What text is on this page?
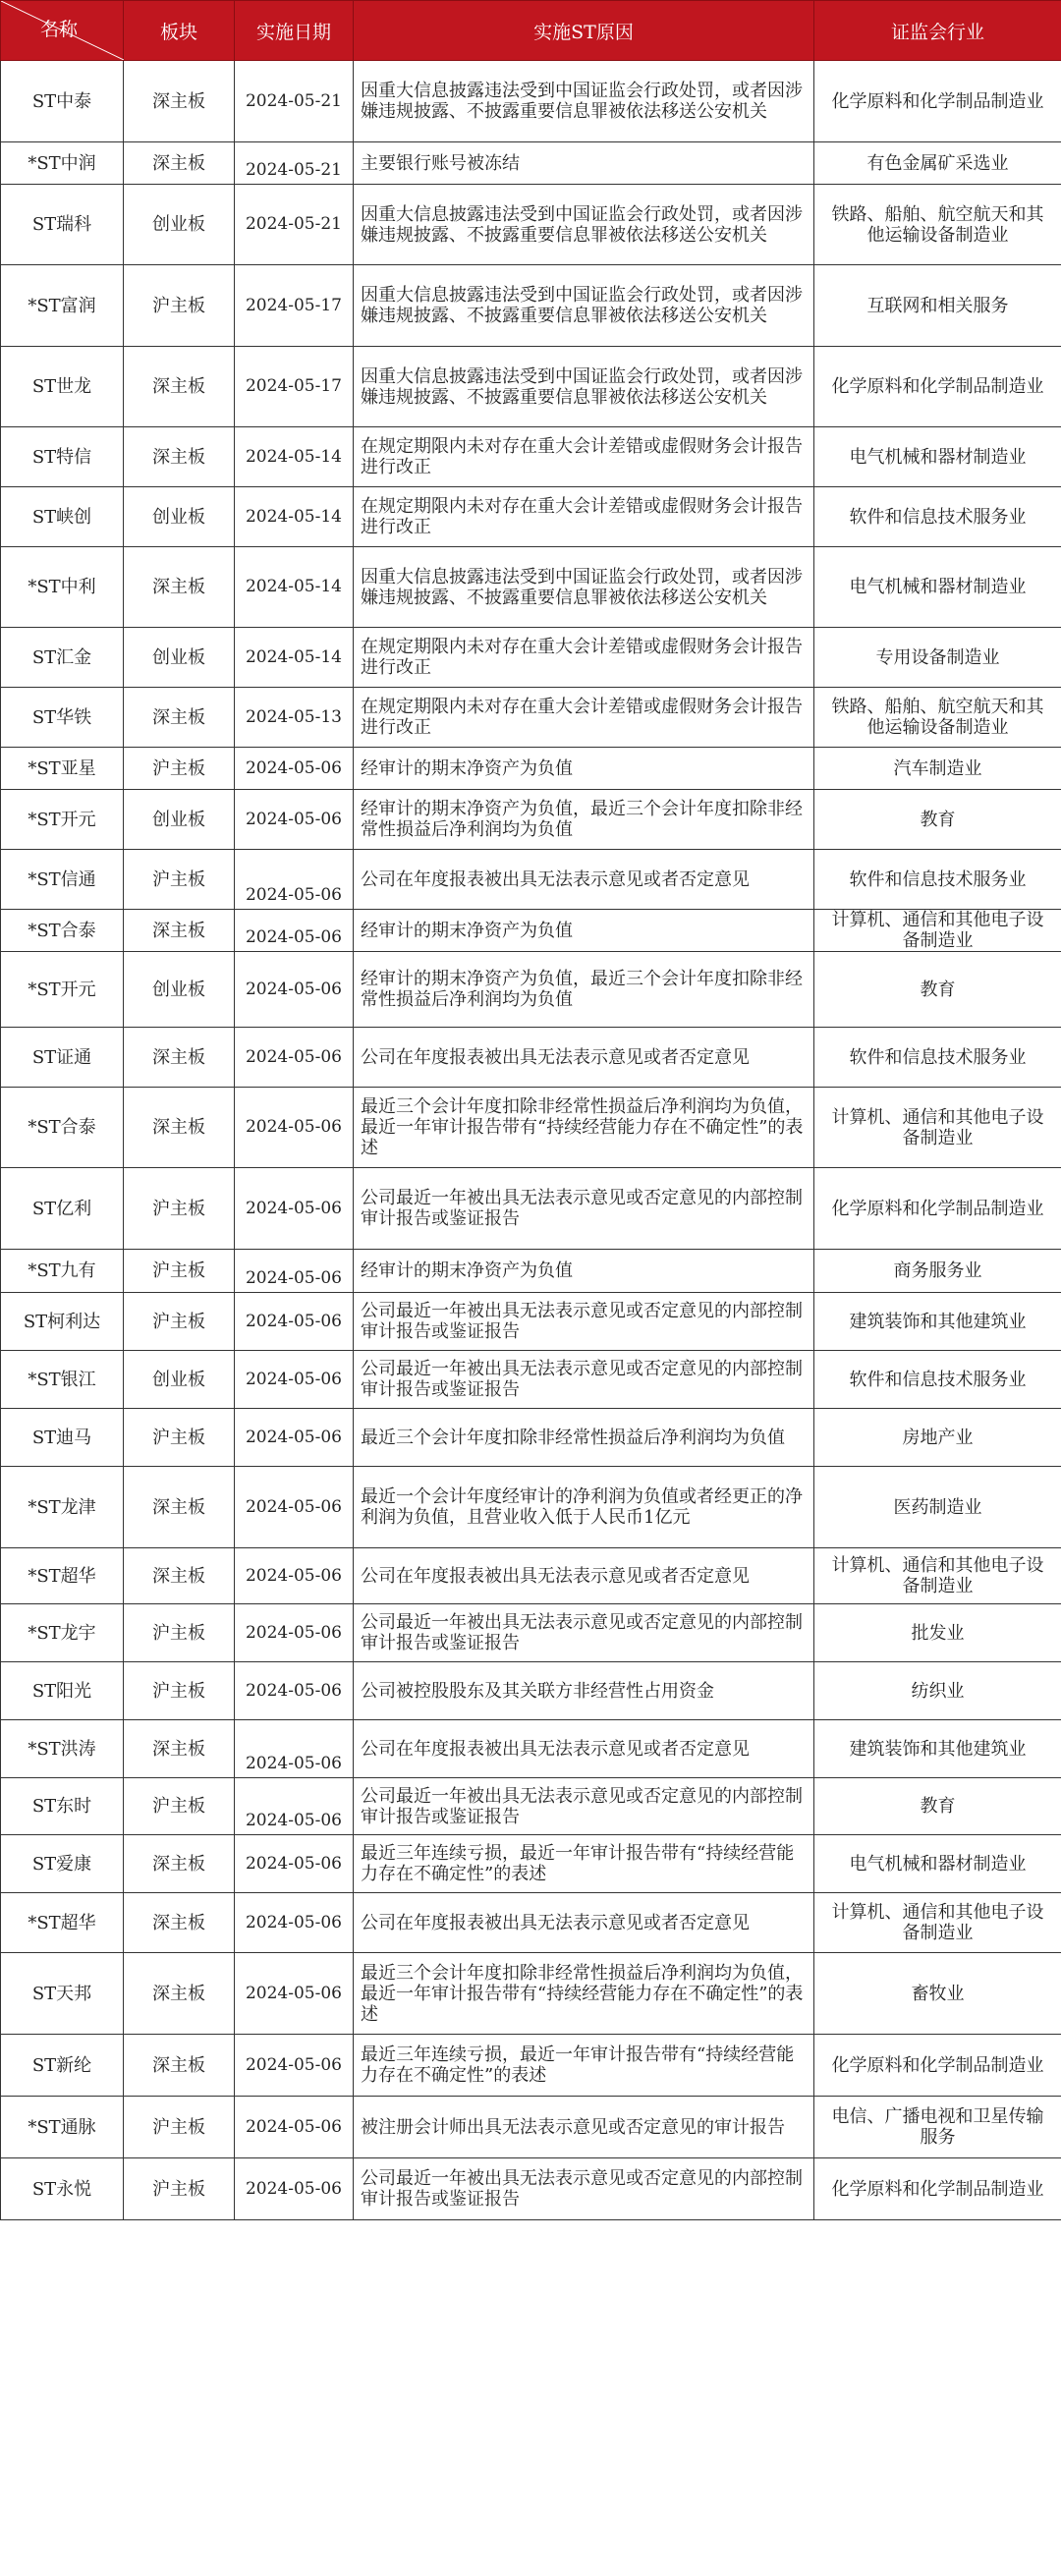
名称	板块	实施日期	实施ST原因	证监会行业
ST中泰	深主板	2024-05-21	因重大信息披露违法受到中国证监会行政处罚，或者因涉嫌违规披露、不披露重要信息罪被依法移送公安机关	化学原料和化学制品制造业
*ST中润	深主板	2024-05-21	主要银行账号被冻结	有色金属矿采选业
ST瑞科	创业板	2024-05-21	因重大信息披露违法受到中国证监会行政处罚，或者因涉嫌违规披露、不披露重要信息罪被依法移送公安机关	铁路、船舶、航空航天和其他运输设备制造业
*ST富润	沪主板	2024-05-17	因重大信息披露违法受到中国证监会行政处罚，或者因涉嫌违规披露、不披露重要信息罪被依法移送公安机关	互联网和相关服务
ST世龙	深主板	2024-05-17	因重大信息披露违法受到中国证监会行政处罚，或者因涉嫌违规披露、不披露重要信息罪被依法移送公安机关	化学原料和化学制品制造业
ST特信	深主板	2024-05-14	在规定期限内未对存在重大会计差错或虚假财务会计报告进行改正	电气机械和器材制造业
ST峡创	创业板	2024-05-14	在规定期限内未对存在重大会计差错或虚假财务会计报告进行改正	软件和信息技术服务业
*ST中利	深主板	2024-05-14	因重大信息披露违法受到中国证监会行政处罚，或者因涉嫌违规披露、不披露重要信息罪被依法移送公安机关	电气机械和器材制造业
ST汇金	创业板	2024-05-14	在规定期限内未对存在重大会计差错或虚假财务会计报告进行改正	专用设备制造业
ST华铁	深主板	2024-05-13	在规定期限内未对存在重大会计差错或虚假财务会计报告进行改正	铁路、船舶、航空航天和其他运输设备制造业
*ST亚星	沪主板	2024-05-06	经审计的期末净资产为负值	汽车制造业
*ST开元	创业板	2024-05-06	经审计的期末净资产为负值，最近三个会计年度扣除非经常性损益后净利润均为负值	教育
*ST信通	沪主板	2024-05-06	公司在年度报表被出具无法表示意见或者否定意见	软件和信息技术服务业
*ST合泰	深主板	2024-05-06	经审计的期末净资产为负值	计算机、通信和其他电子设备制造业
*ST开元	创业板	2024-05-06	经审计的期末净资产为负值，最近三个会计年度扣除非经常性损益后净利润均为负值	教育
ST证通	深主板	2024-05-06	公司在年度报表被出具无法表示意见或者否定意见	软件和信息技术服务业
*ST合泰	深主板	2024-05-06	最近三个会计年度扣除非经常性损益后净利润均为负值，最近一年审计报告带有“持续经营能力存在不确定性”的表述	计算机、通信和其他电子设备制造业
ST亿利	沪主板	2024-05-06	公司最近一年被出具无法表示意见或否定意见的内部控制审计报告或鉴证报告	化学原料和化学制品制造业
*ST九有	沪主板	2024-05-06	经审计的期末净资产为负值	商务服务业
ST柯利达	沪主板	2024-05-06	公司最近一年被出具无法表示意见或否定意见的内部控制审计报告或鉴证报告	建筑装饰和其他建筑业
*ST银江	创业板	2024-05-06	公司最近一年被出具无法表示意见或否定意见的内部控制审计报告或鉴证报告	软件和信息技术服务业
ST迪马	沪主板	2024-05-06	最近三个会计年度扣除非经常性损益后净利润均为负值	房地产业
*ST龙津	深主板	2024-05-06	最近一个会计年度经审计的净利润为负值或者经更正的净利润为负值，且营业收入低于人民币1亿元	医药制造业
*ST超华	深主板	2024-05-06	公司在年度报表被出具无法表示意见或者否定意见	计算机、通信和其他电子设备制造业
*ST龙宇	沪主板	2024-05-06	公司最近一年被出具无法表示意见或否定意见的内部控制审计报告或鉴证报告	批发业
ST阳光	沪主板	2024-05-06	公司被控股股东及其关联方非经营性占用资金	纺织业
*ST洪涛	深主板	2024-05-06	公司在年度报表被出具无法表示意见或者否定意见	建筑装饰和其他建筑业
ST东时	沪主板	2024-05-06	公司最近一年被出具无法表示意见或否定意见的内部控制审计报告或鉴证报告	教育
ST爱康	深主板	2024-05-06	最近三年连续亏损，最近一年审计报告带有“持续经营能力存在不确定性”的表述	电气机械和器材制造业
*ST超华	深主板	2024-05-06	公司在年度报表被出具无法表示意见或者否定意见	计算机、通信和其他电子设备制造业
ST天邦	深主板	2024-05-06	最近三个会计年度扣除非经常性损益后净利润均为负值，最近一年审计报告带有“持续经营能力存在不确定性”的表述	畜牧业
ST新纶	深主板	2024-05-06	最近三年连续亏损，最近一年审计报告带有“持续经营能力存在不确定性”的表述	化学原料和化学制品制造业
*ST通脉	沪主板	2024-05-06	被注册会计师出具无法表示意见或否定意见的审计报告	电信、广播电视和卫星传输服务
ST永悦	沪主板	2024-05-06	公司最近一年被出具无法表示意见或否定意见的内部控制审计报告或鉴证报告	化学原料和化学制品制造业
